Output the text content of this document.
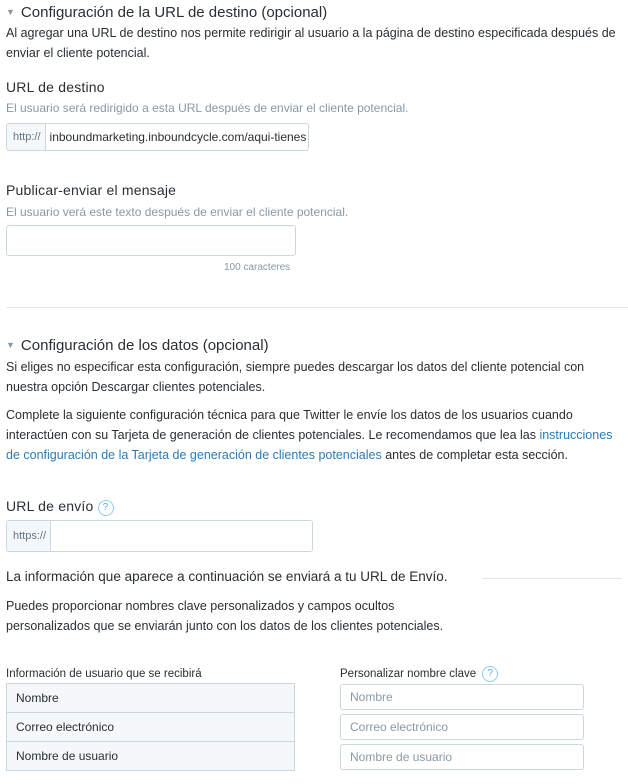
▼ Configuración de la URL de destino (opcional)
Al agregar una URL de destino nos permite redirigir al usuario a la página de destino especificada después de enviar el cliente potencial.
URL de destino
El usuario será redirigido a esta URL después de enviar el cliente potencial.
http:// inboundmarketing.inboundcycle.com/aqui-tienes
Publicar-enviar el mensaje
El usuario verá este texto después de enviar el cliente potencial.
100 caracteres
▼ Configuración de los datos (opcional)
Si eliges no especificar esta configuración, siempre puedes descargar los datos del cliente potencial con nuestra opción Descargar clientes potenciales.
Complete la siguiente configuración técnica para que Twitter le envíe los datos de los usuarios cuando interactúen con su Tarjeta de generación de clientes potenciales. Le recomendamos que lea las instrucciones de configuración de la Tarjeta de generación de clientes potenciales antes de completar esta sección.
URL de envío ?
https://
La información que aparece a continuación se enviará a tu URL de Envío.
Puedes proporcionar nombres clave personalizados y campos ocultos personalizados que se enviarán junto con los datos de los clientes potenciales.
Información de usuario que se recibirá	Personalizar nombre clave ?
Nombre
Correo electrónico
Nombre de usuario
Nombre
Correo electrónico
Nombre de usuario
